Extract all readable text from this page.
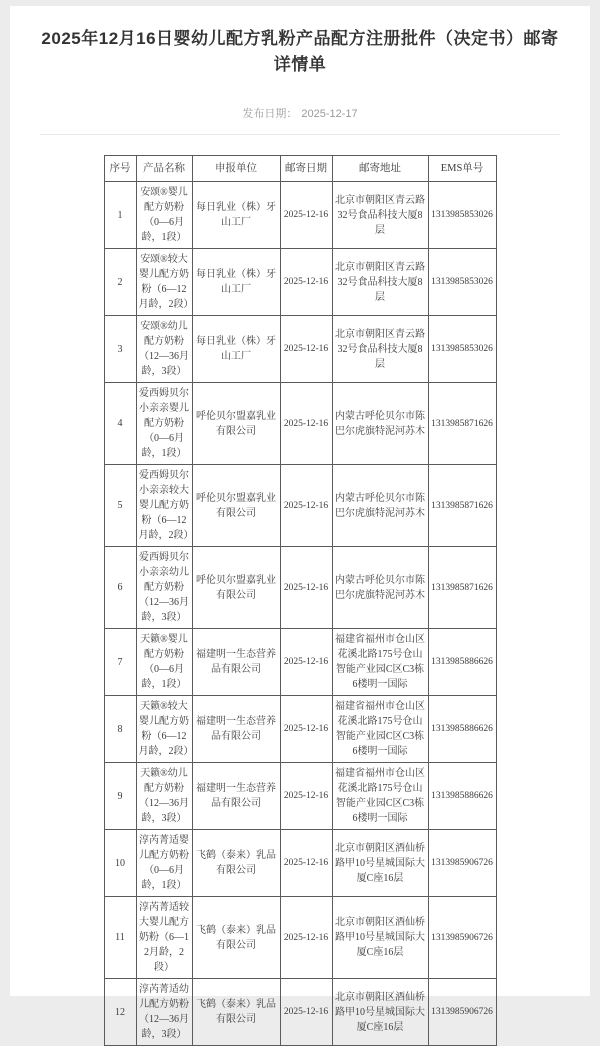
2025年12月16日婴幼儿配方乳粉产品配方注册批件（决定书）邮寄详情单
发布日期： 2025-12-17
序号	产品名称	申报单位	邮寄日期	邮寄地址	EMS单号
1	安颂®婴儿配方奶粉（0—6月龄，1段）	每日乳业（株）牙山工厂	2025-12-16	北京市朝阳区青云路32号食品科技大厦8层	1313985853026
2	安颂®较大婴儿配方奶粉（6—12月龄，2段）	每日乳业（株）牙山工厂	2025-12-16	北京市朝阳区青云路32号食品科技大厦8层	1313985853026
3	安颂®幼儿配方奶粉（12—36月龄，3段）	每日乳业（株）牙山工厂	2025-12-16	北京市朝阳区青云路32号食品科技大厦8层	1313985853026
4	爱西姆贝尔小亲亲婴儿配方奶粉（0—6月龄，1段）	呼伦贝尔盟嘉乳业有限公司	2025-12-16	内蒙古呼伦贝尔市陈巴尔虎旗特泥河苏木	1313985871626
5	爱西姆贝尔小亲亲较大婴儿配方奶粉（6—12月龄，2段）	呼伦贝尔盟嘉乳业有限公司	2025-12-16	内蒙古呼伦贝尔市陈巴尔虎旗特泥河苏木	1313985871626
6	爱西姆贝尔小亲亲幼儿配方奶粉（12—36月龄，3段）	呼伦贝尔盟嘉乳业有限公司	2025-12-16	内蒙古呼伦贝尔市陈巴尔虎旗特泥河苏木	1313985871626
7	天籁®婴儿配方奶粉（0—6月龄，1段）	福建明一生态营养品有限公司	2025-12-16	福建省福州市仓山区花溪北路175号仓山智能产业园C区C3栋6楼明一国际	1313985886626
8	天籁®较大婴儿配方奶粉（6—12月龄，2段）	福建明一生态营养品有限公司	2025-12-16	福建省福州市仓山区花溪北路175号仓山智能产业园C区C3栋6楼明一国际	1313985886626
9	天籁®幼儿配方奶粉（12—36月龄，3段）	福建明一生态营养品有限公司	2025-12-16	福建省福州市仓山区花溪北路175号仓山智能产业园C区C3栋6楼明一国际	1313985886626
10	淳芮菁适婴儿配方奶粉（0—6月龄，1段）	飞鹤（泰来）乳品有限公司	2025-12-16	北京市朝阳区酒仙桥路甲10号星城国际大厦C座16层	1313985906726
11	淳芮菁适较大婴儿配方奶粉（6—12月龄，2段）	飞鹤（泰来）乳品有限公司	2025-12-16	北京市朝阳区酒仙桥路甲10号星城国际大厦C座16层	1313985906726
12	淳芮菁适幼儿配方奶粉（12—36月龄，3段）	飞鹤（泰来）乳品有限公司	2025-12-16	北京市朝阳区酒仙桥路甲10号星城国际大厦C座16层	1313985906726
